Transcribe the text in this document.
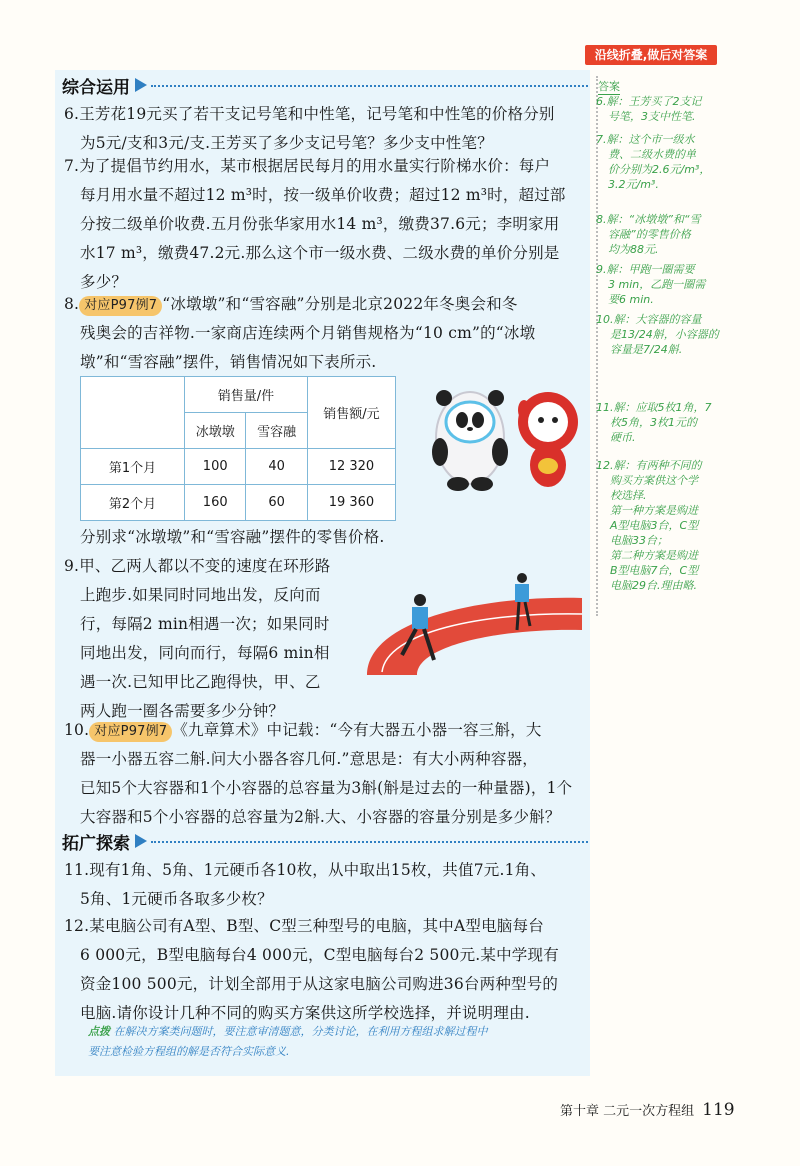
沿线折叠,做后对答案
综合运用
6.王芳花19元买了若干支记号笔和中性笔，记号笔和中性笔的价格分别
为5元/支和3元/支.王芳买了多少支记号笔？多少支中性笔？
7.为了提倡节约用水，某市根据居民每月的用水量实行阶梯水价：每户
每月用水量不超过12 m³时，按一级单价收费；超过12 m³时，超过部
分按二级单价收费.五月份张华家用水14 m³，缴费37.6元；李明家用
水17 m³，缴费47.2元.那么这个市一级水费、二级水费的单价分别是
多少？
8. 对应P97例7 “冰墩墩”和“雪容融”分别是北京2022年冬奥会和冬
残奥会的吉祥物.一家商店连续两个月销售规格为“10 cm”的“冰墩
墩”和“雪容融”摆件，销售情况如下表所示.
	销售量/件		销售额/元
	冰墩墩	雪容融	
第1个月	100	40	12 320
第2个月	160	60	19 360
分别求“冰墩墩”和“雪容融”摆件的零售价格.
9.甲、乙两人都以不变的速度在环形路
上跑步.如果同时同地出发，反向而
行，每隔2 min相遇一次；如果同时
同地出发，同向而行，每隔6 min相
遇一次.已知甲比乙跑得快，甲、乙
两人跑一圈各需要多少分钟？
10. 对应P97例7 《九章算术》中记载：“今有大器五小器一容三斛，大
器一小器五容二斛.问大小器各容几何.”意思是：有大小两种容器，
已知5个大容器和1个小容器的总容量为3斛(斛是过去的一种量器)，1个
大容器和5个小容器的总容量为2斛.大、小容器的容量分别是多少斛？
拓广探索
11.现有1角、5角、1元硬币各10枚，从中取出15枚，共值7元.1角、
5角、1元硬币各取多少枚？
12.某电脑公司有A型、B型、C型三种型号的电脑，其中A型电脑每台
6 000元，B型电脑每台4 000元，C型电脑每台2 500元.某中学现有
资金100 500元，计划全部用于从这家电脑公司购进36台两种型号的
电脑.请你设计几种不同的购买方案供这所学校选择，并说明理由.
点拨 在解决方案类问题时，要注意审清题意，分类讨论，在利用方程组求解过程中
要注意检验方程组的解是否符合实际意义.
答案
6.解：王芳买了2支记
号笔，3支中性笔.
7.解：这个市一级水
费、二级水费的单
价分别为2.6元/m³，
3.2元/m³.
8.解：“冰墩墩”和“雪
容融”的零售价格
均为88元.
9.解：甲跑一圈需要
3 min，乙跑一圈需
要6 min.
10.解：大容器的容量
是13/24斛，小容器的
容量是7/24斛.
11.解：应取5枚1角，7
枚5角，3枚1元的
硬币.
12.解：有两种不同的
购买方案供这个学
校选择.
第一种方案是购进
A型电脑3台，C型
电脑33台；
第二种方案是购进
B型电脑7台，C型
电脑29台.理由略.
第十章 二元一次方程组 119
